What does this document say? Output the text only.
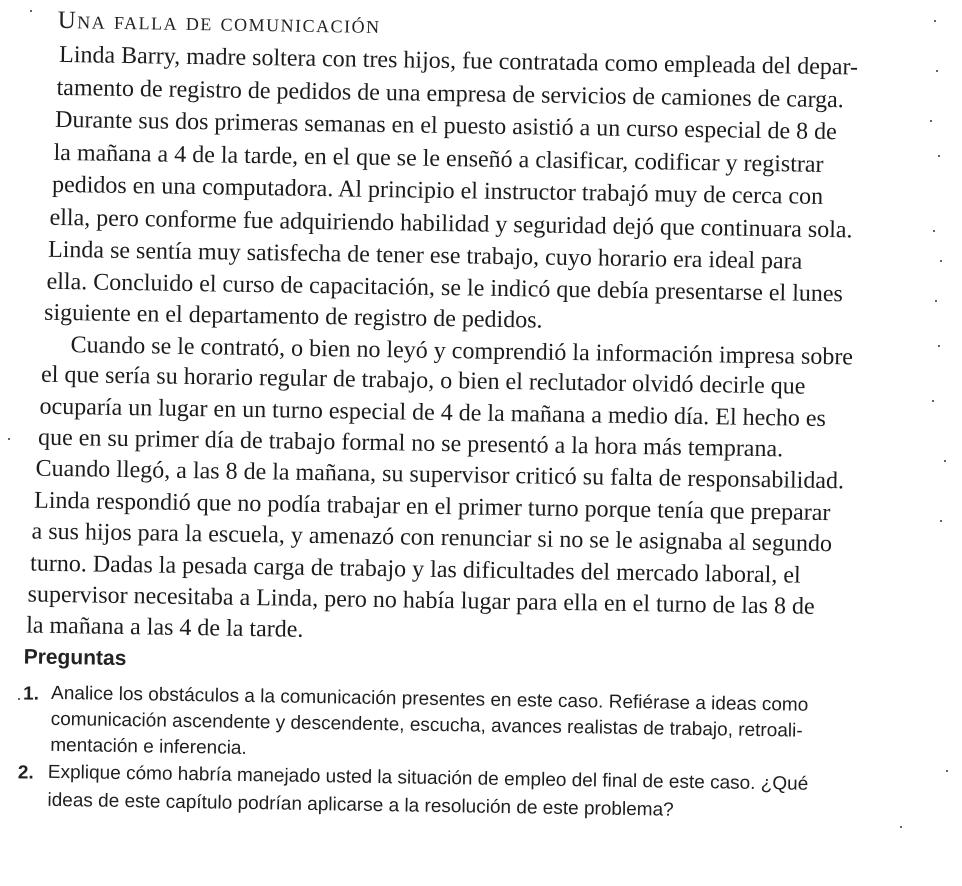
Una falla de comunicación
Linda Barry, madre soltera con tres hijos, fue contratada como empleada del depar-
tamento de registro de pedidos de una empresa de servicios de camiones de carga.
Durante sus dos primeras semanas en el puesto asistió a un curso especial de 8 de
la mañana a 4 de la tarde, en el que se le enseñó a clasificar, codificar y registrar
pedidos en una computadora. Al principio el instructor trabajó muy de cerca con
ella, pero conforme fue adquiriendo habilidad y seguridad dejó que continuara sola.
Linda se sentía muy satisfecha de tener ese trabajo, cuyo horario era ideal para
ella. Concluido el curso de capacitación, se le indicó que debía presentarse el lunes
siguiente en el departamento de registro de pedidos.
Cuando se le contrató, o bien no leyó y comprendió la información impresa sobre
el que sería su horario regular de trabajo, o bien el reclutador olvidó decirle que
ocuparía un lugar en un turno especial de 4 de la mañana a medio día. El hecho es
que en su primer día de trabajo formal no se presentó a la hora más temprana.
Cuando llegó, a las 8 de la mañana, su supervisor criticó su falta de responsabilidad.
Linda respondió que no podía trabajar en el primer turno porque tenía que preparar
a sus hijos para la escuela, y amenazó con renunciar si no se le asignaba al segundo
turno. Dadas la pesada carga de trabajo y las dificultades del mercado laboral, el
supervisor necesitaba a Linda, pero no había lugar para ella en el turno de las 8 de
la mañana a las 4 de la tarde.
Preguntas
1. Analice los obstáculos a la comunicación presentes en este caso. Refiérase a ideas como
comunicación ascendente y descendente, escucha, avances realistas de trabajo, retroali-
mentación e inferencia.
2. Explique cómo habría manejado usted la situación de empleo del final de este caso. ¿Qué
ideas de este capítulo podrían aplicarse a la resolución de este problema?
